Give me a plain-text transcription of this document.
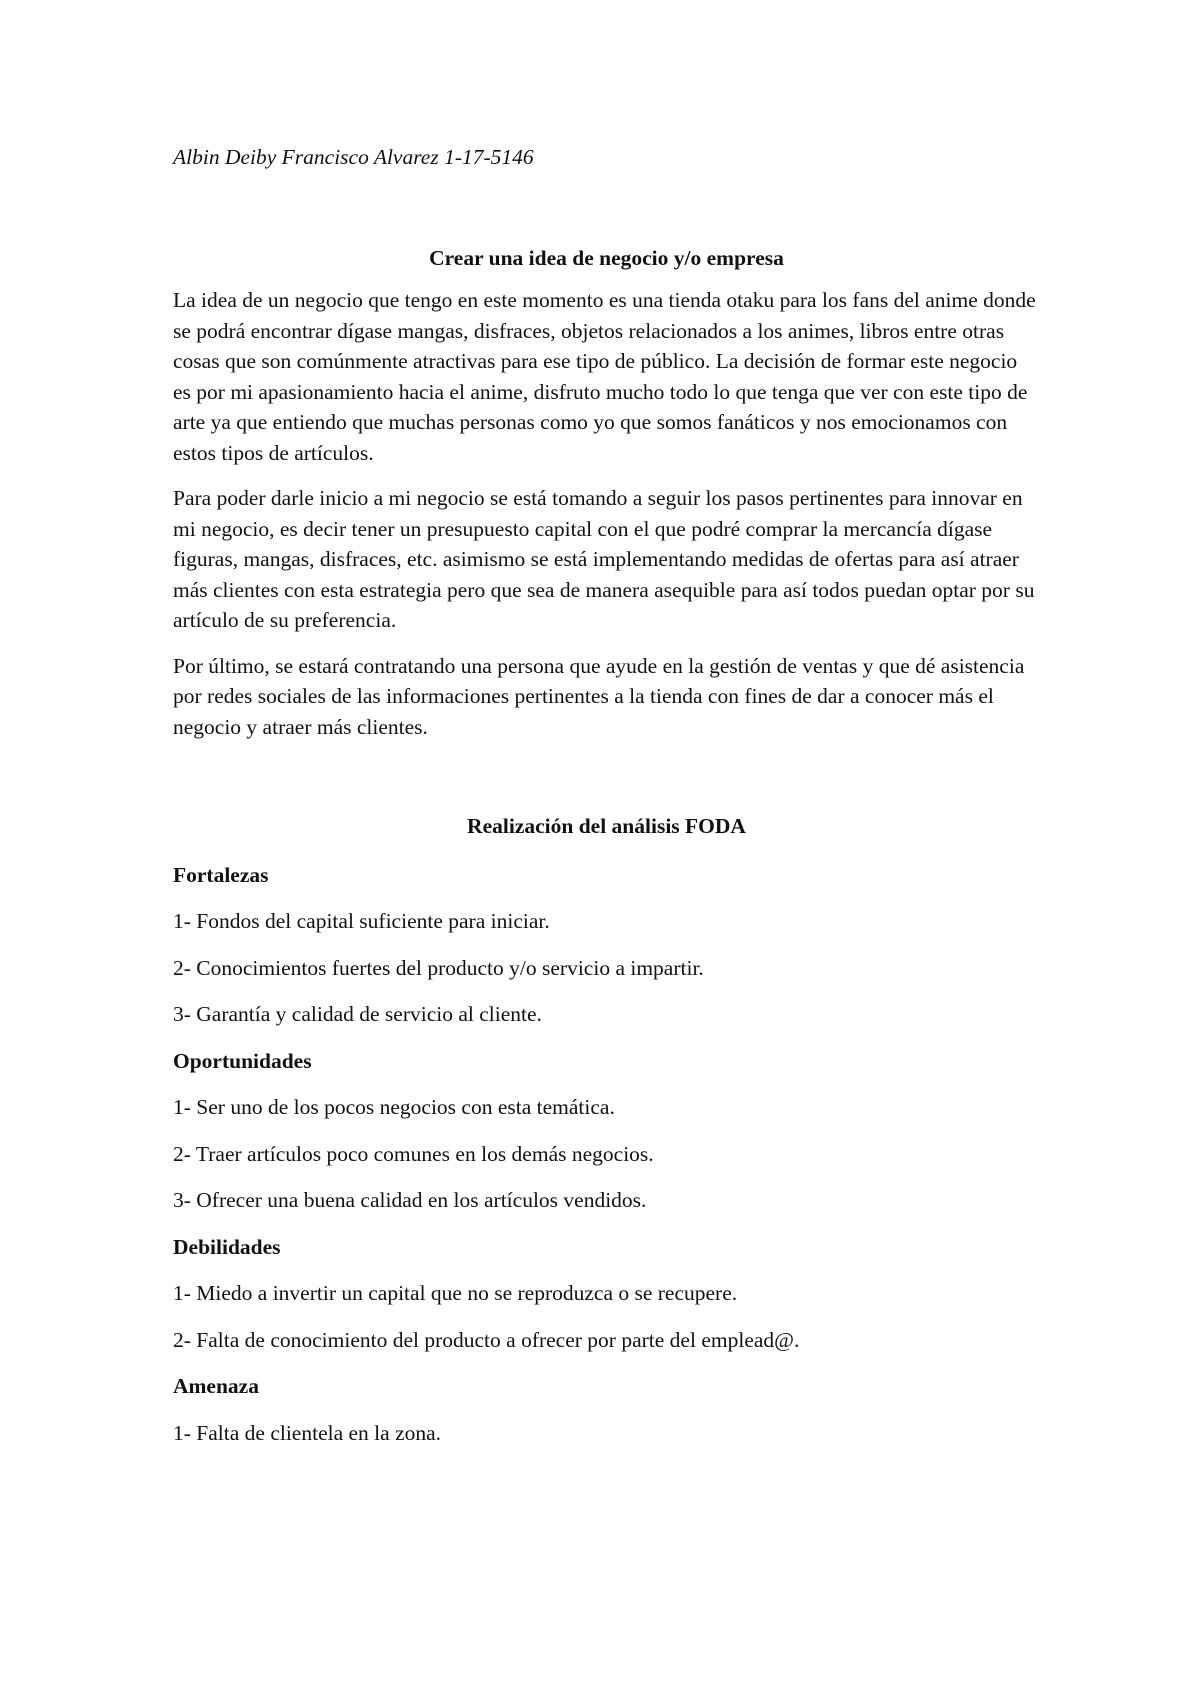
Albin Deiby Francisco Alvarez 1-17-5146

Crear una idea de negocio y/o empresa

La idea de un negocio que tengo en este momento es una tienda otaku para los fans del anime donde se podrá encontrar dígase mangas, disfraces, objetos relacionados a los animes, libros entre otras cosas que son comúnmente atractivas para ese tipo de público. La decisión de formar este negocio es por mi apasionamiento hacia el anime, disfruto mucho todo lo que tenga que ver con este tipo de arte ya que entiendo que muchas personas como yo que somos fanáticos y nos emocionamos con estos tipos de artículos.

Para poder darle inicio a mi negocio se está tomando a seguir los pasos pertinentes para innovar en mi negocio, es decir tener un presupuesto capital con el que podré comprar la mercancía dígase figuras, mangas, disfraces, etc. asimismo se está implementando medidas de ofertas para así atraer más clientes con esta estrategia pero que sea de manera asequible para así todos puedan optar por su artículo de su preferencia.

Por último, se estará contratando una persona que ayude en la gestión de ventas y que dé asistencia por redes sociales de las informaciones pertinentes a la tienda con fines de dar a conocer más el negocio y atraer más clientes.

Realización del análisis FODA

Fortalezas

1- Fondos del capital suficiente para iniciar.

2- Conocimientos fuertes del producto y/o servicio a impartir.

3- Garantía y calidad de servicio al cliente.

Oportunidades

1- Ser uno de los pocos negocios con esta temática.

2- Traer artículos poco comunes en los demás negocios.

3- Ofrecer una buena calidad en los artículos vendidos.

Debilidades

1- Miedo a invertir un capital que no se reproduzca o se recupere.

2- Falta de conocimiento del producto a ofrecer por parte del emplead@.

Amenaza

1- Falta de clientela en la zona.
